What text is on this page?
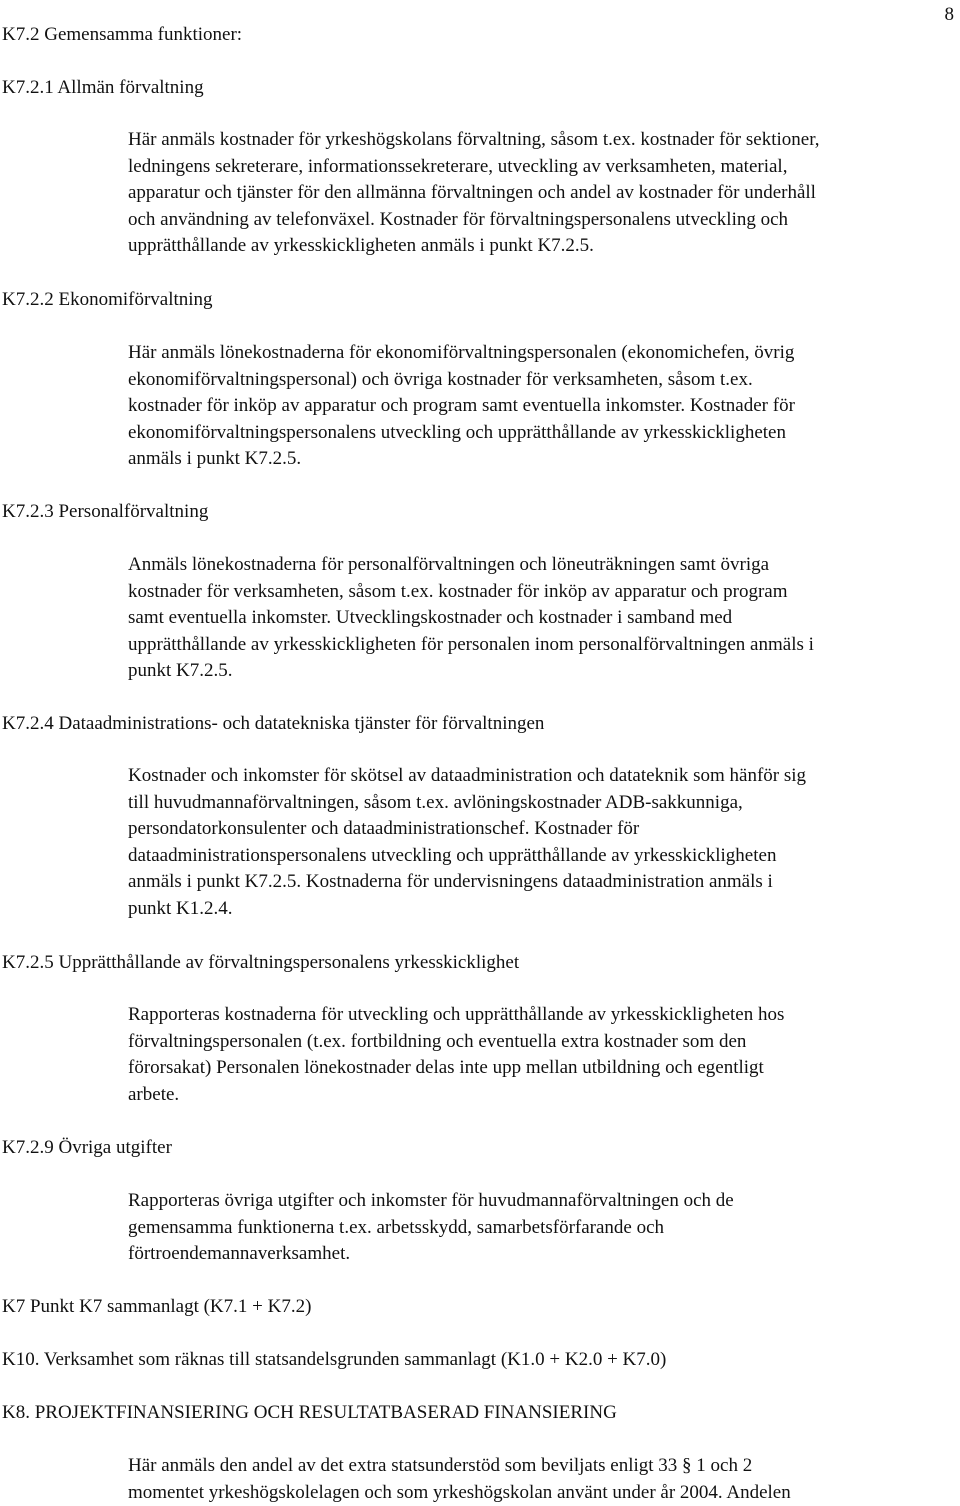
8
K7.2 Gemensamma funktioner:
K7.2.1 Allmän förvaltning
Här anmäls kostnader för yrkeshögskolans förvaltning, såsom t.ex. kostnader för sektioner,
ledningens sekreterare, informationssekreterare, utveckling av verksamheten, material,
apparatur och tjänster för den allmänna förvaltningen och andel av kostnader för underhåll
och användning av telefonväxel. Kostnader för förvaltningspersonalens utveckling och
upprätthållande av yrkesskickligheten anmäls i punkt K7.2.5.
K7.2.2 Ekonomiförvaltning
Här anmäls lönekostnaderna för ekonomiförvaltningspersonalen (ekonomichefen, övrig
ekonomiförvaltningspersonal) och övriga kostnader för verksamheten, såsom t.ex.
kostnader för inköp av apparatur och program samt eventuella inkomster. Kostnader för
ekonomiförvaltningspersonalens utveckling och upprätthållande av yrkesskickligheten
anmäls i punkt K7.2.5.
K7.2.3 Personalförvaltning
Anmäls lönekostnaderna för personalförvaltningen och löneuträkningen samt övriga
kostnader för verksamheten, såsom t.ex. kostnader för inköp av apparatur och program
samt eventuella inkomster. Utvecklingskostnader och kostnader i samband med
upprätthållande av yrkesskickligheten för personalen inom personalförvaltningen anmäls i
punkt K7.2.5.
K7.2.4 Dataadministrations- och datatekniska tjänster för förvaltningen
Kostnader och inkomster för skötsel av dataadministration och datateknik som hänför sig
till huvudmannaförvaltningen, såsom t.ex. avlöningskostnader ADB-sakkunniga,
persondatorkonsulenter och dataadministrationschef. Kostnader för
dataadministrationspersonalens utveckling och upprätthållande av yrkesskickligheten
anmäls i punkt K7.2.5. Kostnaderna för undervisningens dataadministration anmäls i
punkt K1.2.4.
K7.2.5 Upprätthållande av förvaltningspersonalens yrkesskicklighet
Rapporteras kostnaderna för utveckling och upprätthållande av yrkesskickligheten hos
förvaltningspersonalen (t.ex. fortbildning och eventuella extra kostnader som den
förorsakat) Personalen lönekostnader delas inte upp mellan utbildning och egentligt
arbete.
K7.2.9 Övriga utgifter
Rapporteras övriga utgifter och inkomster för huvudmannaförvaltningen och de
gemensamma funktionerna t.ex. arbetsskydd, samarbetsförfarande och
förtroendemannaverksamhet.
K7 Punkt K7 sammanlagt (K7.1 + K7.2)
K10. Verksamhet som räknas till statsandelsgrunden sammanlagt (K1.0 + K2.0 + K7.0)
K8. PROJEKTFINANSIERING OCH RESULTATBASERAD FINANSIERING
Här anmäls den andel av det extra statsunderstöd som beviljats enligt 33 § 1 och 2
momentet yrkeshögskolelagen och som yrkeshögskolan använt under år 2004. Andelen
